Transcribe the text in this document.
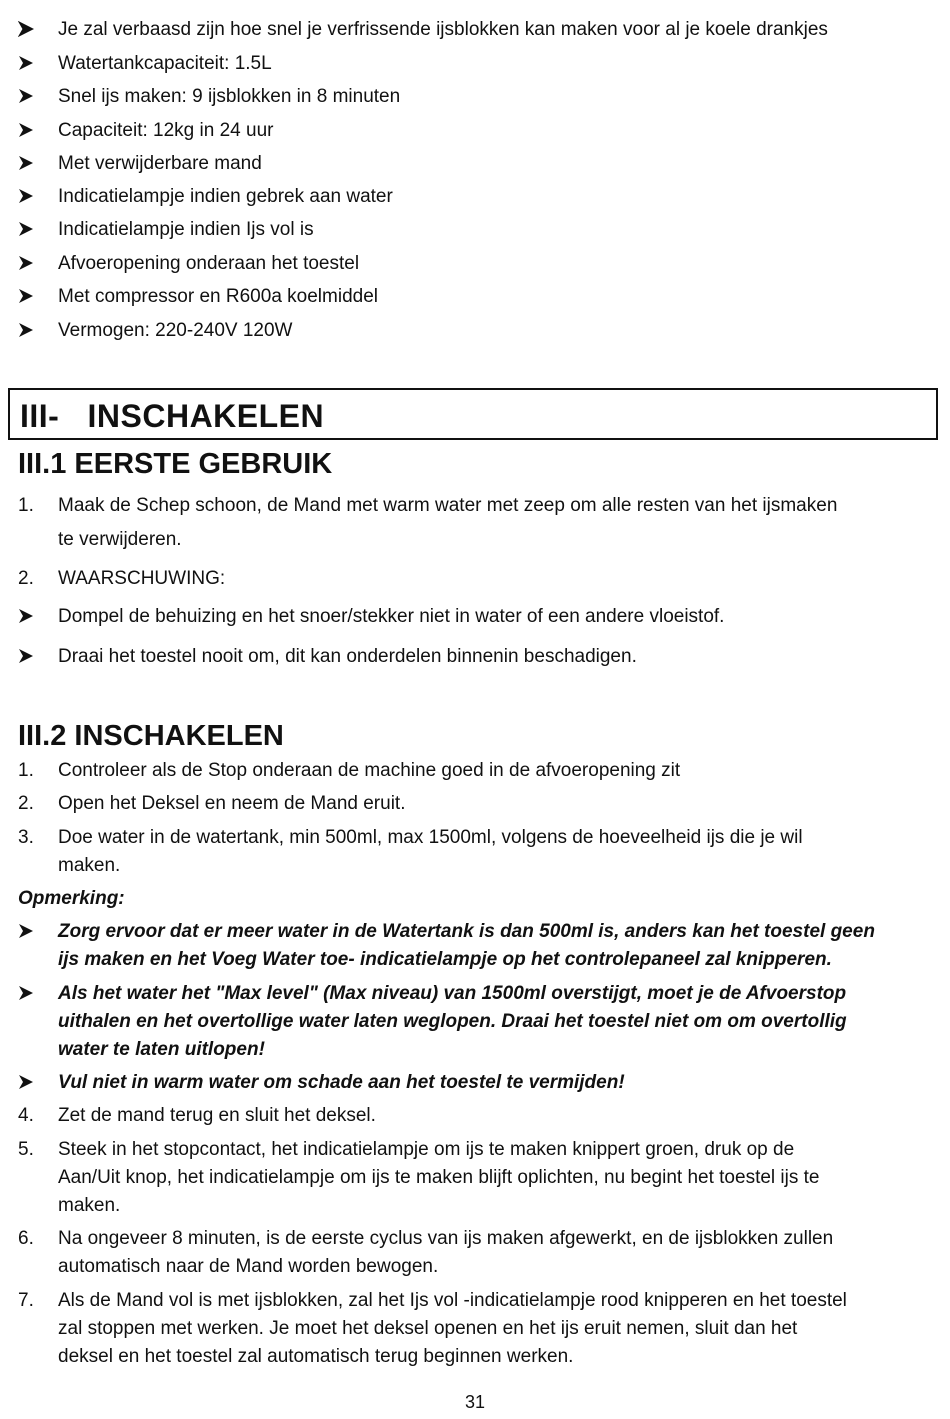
Je zal verbaasd zijn hoe snel je verfrissende ijsblokken kan maken voor al je koele drankjes
Watertankcapaciteit: 1.5L
Snel ijs maken: 9 ijsblokken in 8 minuten
Capaciteit: 12kg in 24 uur
Met verwijderbare mand
Indicatielampje indien gebrek aan water
Indicatielampje indien Ijs vol is
Afvoeropening onderaan het toestel
Met compressor en R600a koelmiddel
Vermogen: 220-240V 120W
III-   INSCHAKELEN
III.1 EERSTE GEBRUIK
1.	Maak de Schep schoon, de Mand met warm water met zeep om alle resten van het ijsmaken
te verwijderen.
2.	WAARSCHUWING:
Dompel de behuizing en het snoer/stekker niet in water of een andere vloeistof.
Draai het toestel nooit om, dit kan onderdelen binnenin beschadigen.
III.2 INSCHAKELEN
1.	Controleer als de Stop onderaan de machine goed in de afvoeropening zit
2.	Open het Deksel en neem de Mand eruit.
3.	Doe water in de watertank, min 500ml, max 1500ml, volgens de hoeveelheid ijs die je wil
maken.
Opmerking:
Zorg ervoor dat er meer water in de Watertank is dan 500ml is, anders kan het toestel geen
ijs maken en het Voeg Water toe- indicatielampje op het controlepaneel zal knipperen.
Als het water het "Max level" (Max niveau) van 1500ml overstijgt, moet je de Afvoerstop
uithalen en het overtollige water laten weglopen. Draai het toestel niet om om overtollig
water te laten uitlopen!
Vul niet in warm water om schade aan het toestel te vermijden!
4.	Zet de mand terug en sluit het deksel.
5.	Steek in het stopcontact, het indicatielampje om ijs te maken knippert groen, druk op de
Aan/Uit knop, het indicatielampje om ijs te maken blijft oplichten, nu begint het toestel ijs te
maken.
6.	Na ongeveer 8 minuten, is de eerste cyclus van ijs maken afgewerkt, en de ijsblokken zullen
automatisch naar de Mand worden bewogen.
7.	Als de Mand vol is met ijsblokken, zal het Ijs vol -indicatielampje rood knipperen en het toestel
zal stoppen met werken. Je moet het deksel openen en het ijs eruit nemen, sluit dan het
deksel en het toestel zal automatisch terug beginnen werken.
31
